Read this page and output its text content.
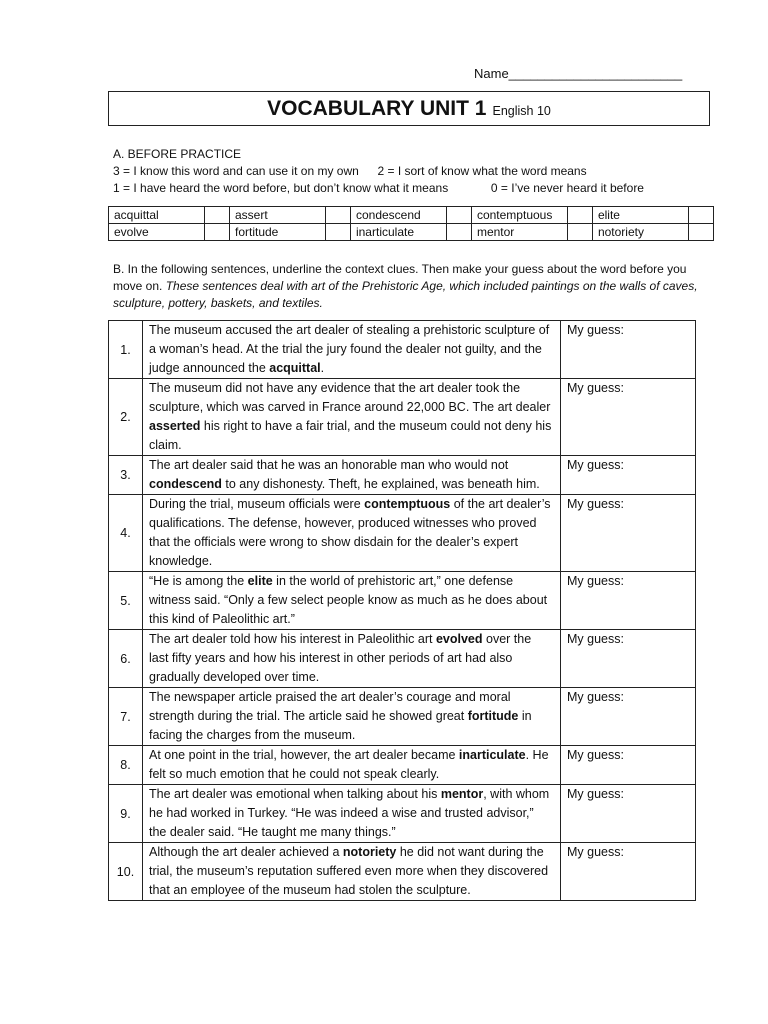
Name________________________
VOCABULARY UNIT 1 English 10
A. BEFORE PRACTICE
3 = I know this word and can use it on my own 2 = I sort of know what the word means
1 = I have heard the word before, but don’t know what it means	0 = I’ve never heard it before
acquittal		assert		condescend		contemptuous		elite	
evolve		fortitude		inarticulate		mentor		notoriety	
B. In the following sentences, underline the context clues. Then make your guess about the word before you move on. These sentences deal with art of the Prehistoric Age, which included paintings on the walls of caves, sculpture, pottery, baskets, and textiles.
1.	The museum accused the art dealer of stealing a prehistoric sculpture of a woman’s head. At the trial the jury found the dealer not guilty, and the judge announced the acquittal.	My guess:
2.	The museum did not have any evidence that the art dealer took the sculpture, which was carved in France around 22,000 BC. The art dealer asserted his right to have a fair trial, and the museum could not deny his claim.	My guess:
3.	The art dealer said that he was an honorable man who would not condescend to any dishonesty. Theft, he explained, was beneath him.	My guess:
4.	During the trial, museum officials were contemptuous of the art dealer’s qualifications. The defense, however, produced witnesses who proved that the officials were wrong to show disdain for the dealer’s expert knowledge.	My guess:
5.	“He is among the elite in the world of prehistoric art,” one defense witness said. “Only a few select people know as much as he does about this kind of Paleolithic art.”	My guess:
6.	The art dealer told how his interest in Paleolithic art evolved over the last fifty years and how his interest in other periods of art had also gradually developed over time.	My guess:
7.	The newspaper article praised the art dealer’s courage and moral strength during the trial. The article said he showed great fortitude in facing the charges from the museum.	My guess:
8.	At one point in the trial, however, the art dealer became inarticulate. He felt so much emotion that he could not speak clearly.	My guess:
9.	The art dealer was emotional when talking about his mentor, with whom he had worked in Turkey. “He was indeed a wise and trusted advisor,” the dealer said. “He taught me many things.”	My guess:
10.	Although the art dealer achieved a notoriety he did not want during the trial, the museum’s reputation suffered even more when they discovered that an employee of the museum had stolen the sculpture.	My guess:
